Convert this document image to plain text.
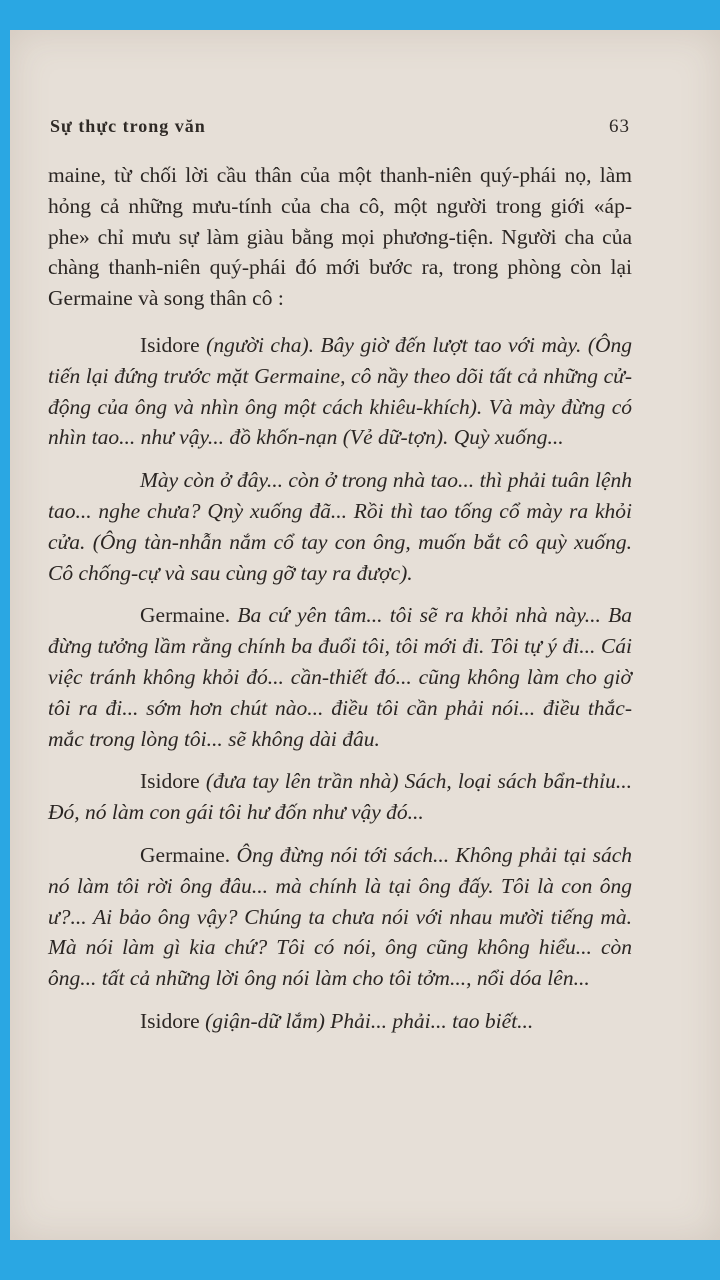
Sự thực trong văn	63

maine, từ chối lời cầu thân của một thanh-niên quý-phái nọ, làm hỏng cả những mưu-tính của cha cô, một người trong giới «áp-phe» chỉ mưu sự làm giàu bằng mọi phương-tiện. Người cha của chàng thanh-niên quý-phái đó mới bước ra, trong phòng còn lại Germaine và song thân cô :

Isidore (người cha). Bây giờ đến lượt tao với mày. (Ông tiến lại đứng trước mặt Germaine, cô nầy theo dõi tất cả những cử-động của ông và nhìn ông một cách khiêu-khích). Và mày đừng có nhìn tao... như vậy... đồ khốn-nạn (Vẻ dữ-tợn). Quỳ xuống...

Mày còn ở đây... còn ở trong nhà tao... thì phải tuân lệnh tao... nghe chưa? Qnỳ xuống đã... Rồi thì tao tống cổ mày ra khỏi cửa. (Ông tàn-nhẫn nắm cổ tay con ông, muốn bắt cô quỳ xuống. Cô chống-cự và sau cùng gỡ tay ra được).

Germaine. Ba cứ yên tâm... tôi sẽ ra khỏi nhà này... Ba đừng tưởng lầm rằng chính ba đuổi tôi, tôi mới đi. Tôi tự ý đi... Cái việc tránh không khỏi đó... cần-thiết đó... cũng không làm cho giờ tôi ra đi... sớm hơn chút nào... điều tôi cần phải nói... điều thắc-mắc trong lòng tôi... sẽ không dài đâu.

Isidore (đưa tay lên trần nhà) Sách, loại sách bẩn-thỉu... Đó, nó làm con gái tôi hư đốn như vậy đó...

Germaine. Ông đừng nói tới sách... Không phải tại sách nó làm tôi rời ông đâu... mà chính là tại ông đấy. Tôi là con ông ư?... Ai bảo ông vậy? Chúng ta chưa nói với nhau mười tiếng mà. Mà nói làm gì kia chứ? Tôi có nói, ông cũng không hiểu... còn ông... tất cả những lời ông nói làm cho tôi tởm..., nổi dóa lên...

Isidore (giận-dữ lắm) Phải... phải... tao biết...
